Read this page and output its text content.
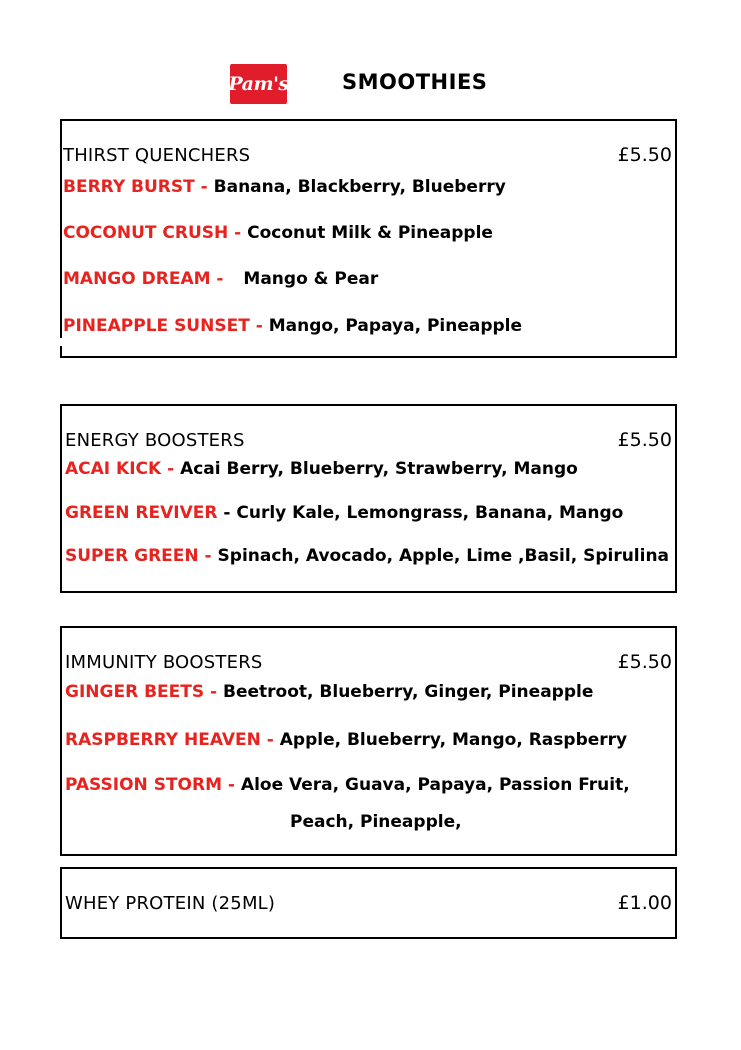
Pam's	SMOOTHIES
THIRST QUENCHERS	£5.50
BERRY BURST - Banana, Blackberry, Blueberry
COCONUT CRUSH - Coconut Milk & Pineapple
MANGO DREAM - Mango & Pear
PINEAPPLE SUNSET - Mango, Papaya, Pineapple
ENERGY BOOSTERS	£5.50
ACAI KICK - Acai Berry, Blueberry, Strawberry, Mango
GREEN REVIVER - Curly Kale, Lemongrass, Banana, Mango
SUPER GREEN - Spinach, Avocado, Apple, Lime ,Basil, Spirulina
IMMUNITY BOOSTERS	£5.50
GINGER BEETS - Beetroot, Blueberry, Ginger, Pineapple
RASPBERRY HEAVEN - Apple, Blueberry, Mango, Raspberry
PASSION STORM - Aloe Vera, Guava, Papaya, Passion Fruit,
Peach, Pineapple,
WHEY PROTEIN (25ML)	£1.00
